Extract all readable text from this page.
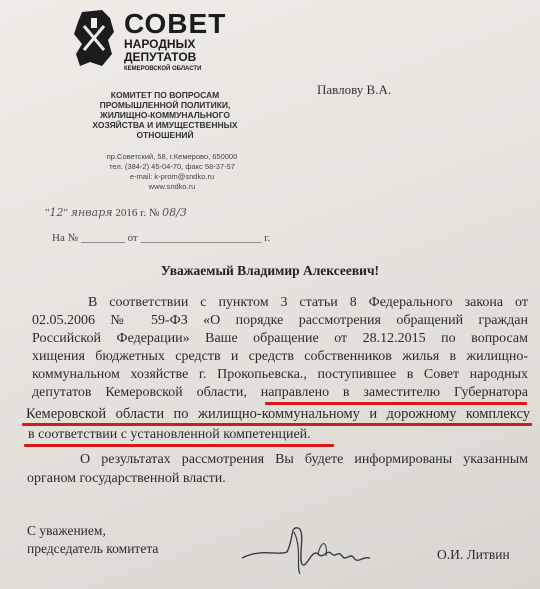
СОВЕТ
НАРОДНЫХ
ДЕПУТАТОВ
КЕМЕРОВСКОЙ ОБЛАСТИ
КОМИТЕТ ПО ВОПРОСАМ
ПРОМЫШЛЕННОЙ ПОЛИТИКИ,
ЖИЛИЩНО-КОММУНАЛЬНОГО
ХОЗЯЙСТВА И ИМУЩЕСТВЕННЫХ
ОТНОШЕНИЙ
пр.Советский, 58, г.Кемерово, 650000
тел. (384-2) 45-04-70, факс 58-37-57
e-mail: k-prom@sndko.ru
www.sndko.ru
Павлову В.А.
"12" января 2016 г. № 08/3
На № ________ от ______________________ г.
Уважаемый Владимир Алексеевич!
В соответствии с пунктом 3 статьи 8 Федерального закона от
02.05.2006 № 59-ФЗ «О порядке рассмотрения обращений граждан
Российской Федерации» Ваше обращение от 28.12.2015 по вопросам
хищения бюджетных средств и средств собственников жилья в жилищно-
коммунальном хозяйстве г. Прокопьевска., поступившее в Совет народных
депутатов Кемеровской области, направлено в заместителю Губернатора
Кемеровской области по жилищно-коммунальному и дорожному комплексу
в соответствии с установленной компетенцией.
О результатах рассмотрения Вы будете информированы указанным
органом государственной власти.
С уважением,
председатель комитета	О.И. Литвин
